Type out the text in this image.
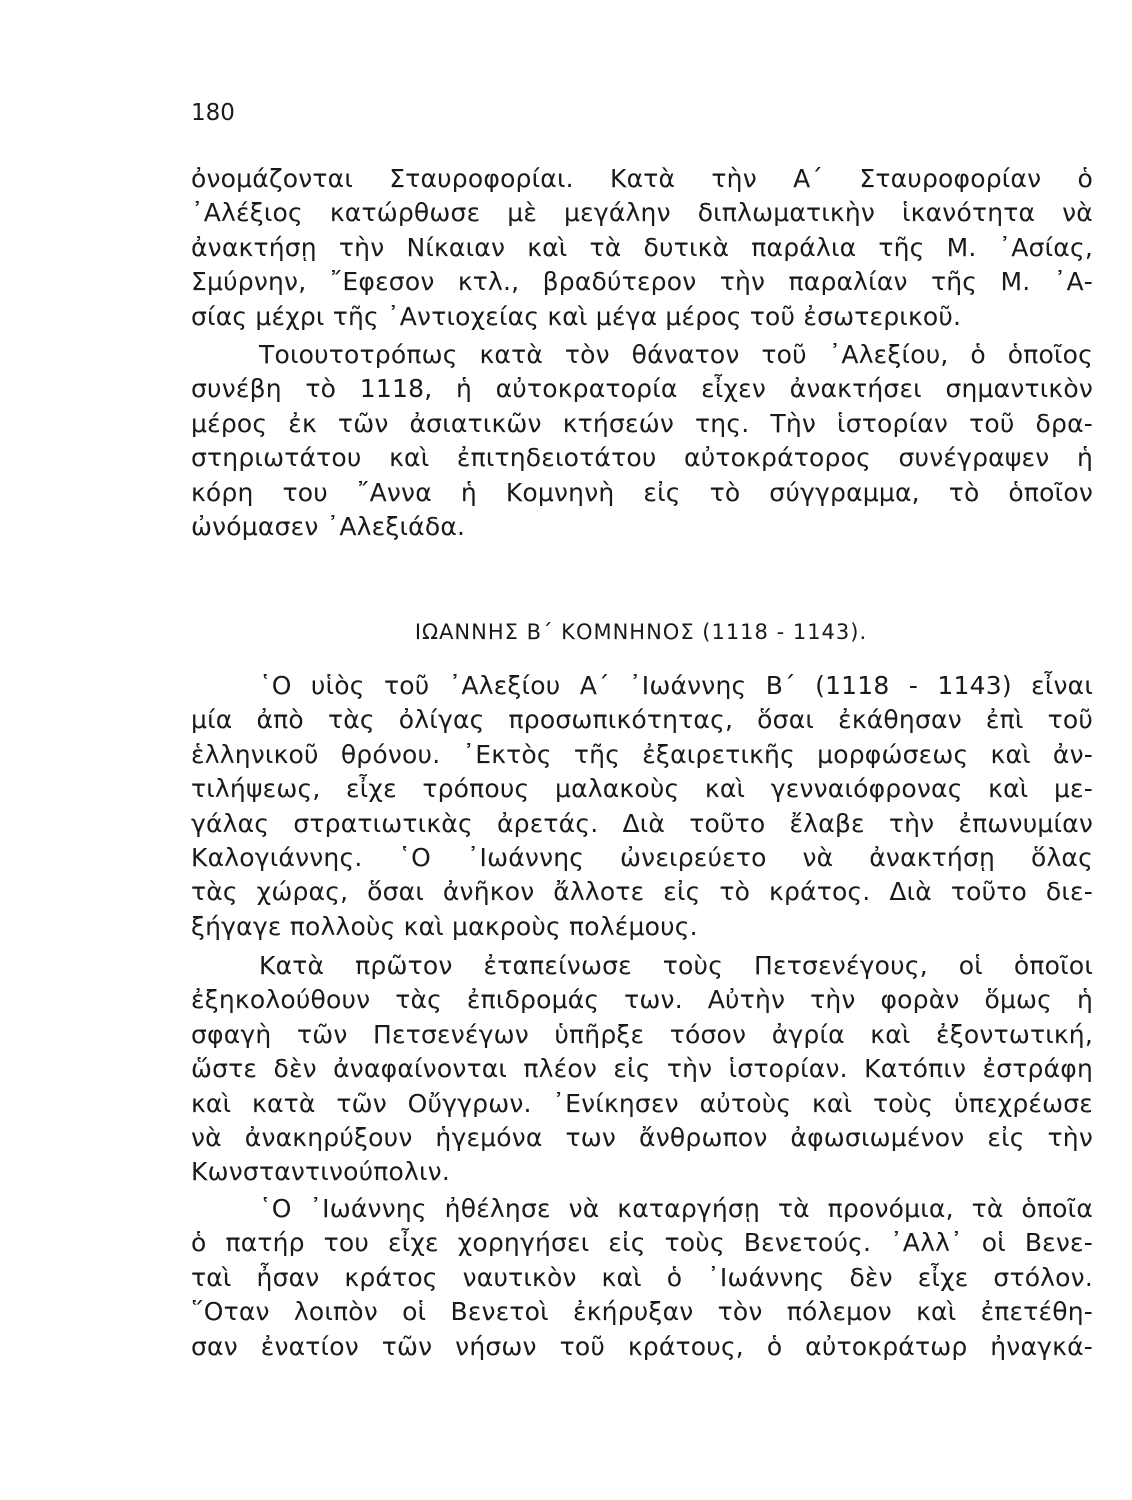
180
ὀνομάζονται Σταυροφορίαι. Κατὰ τὴν Α΄ Σταυροφορίαν ὁ
᾿Αλέξιος κατώρθωσε μὲ μεγάλην διπλωματικὴν ἱκανότητα νὰ
ἀνακτήσῃ τὴν Νίκαιαν καὶ τὰ δυτικὰ παράλια τῆς Μ. ᾿Ασίας,
Σμύρνην, ῎Εφεσον κτλ., βραδύτερον τὴν παραλίαν τῆς Μ. ᾿Α-
σίας μέχρι τῆς ᾿Αντιοχείας καὶ μέγα μέρος τοῦ ἐσωτερικοῦ.
Τοιουτοτρόπως κατὰ τὸν θάνατον τοῦ ᾿Αλεξίου, ὁ ὁποῖος
συνέβη τὸ 1118, ἡ αὐτοκρατορία εἶχεν ἀνακτήσει σημαντικὸν
μέρος ἐκ τῶν ἀσιατικῶν κτήσεών της. Τὴν ἱστορίαν τοῦ δρα-
στηριωτάτου καὶ ἐπιτηδειοτάτου αὐτοκράτορος συνέγραψεν ἡ
κόρη του ῎Αννα ἡ Κομνηνὴ εἰς τὸ σύγγραμμα, τὸ ὁποῖον
ὠνόμασεν ᾿Αλεξιάδα.
ΙΩΑΝΝΗΣ Β΄ ΚΟΜΝΗΝΟΣ (1118 - 1143).
῾Ο υἱὸς τοῦ ᾿Αλεξίου Α΄ ᾿Ιωάννης Β΄ (1118 - 1143) εἶναι
μία ἀπὸ τὰς ὀλίγας προσωπικότητας, ὅσαι ἐκάθησαν ἐπὶ τοῦ
ἑλληνικοῦ θρόνου. ᾿Εκτὸς τῆς ἐξαιρετικῆς μορφώσεως καὶ ἀν-
τιλήψεως, εἶχε τρόπους μαλακοὺς καὶ γενναιόφρονας καὶ με-
γάλας στρατιωτικὰς ἀρετάς. Διὰ τοῦτο ἔλαβε τὴν ἐπωνυμίαν
Καλογιάννης. ῾Ο ᾿Ιωάννης ὠνειρεύετο νὰ ἀνακτήσῃ ὅλας
τὰς χώρας, ὅσαι ἀνῆκον ἄλλοτε εἰς τὸ κράτος. Διὰ τοῦτο διε-
ξήγαγε πολλοὺς καὶ μακροὺς πολέμους.
Κατὰ πρῶτον ἐταπείνωσε τοὺς Πετσενέγους, οἱ ὁποῖοι
ἐξηκολούθουν τὰς ἐπιδρομάς των. Αὐτὴν τὴν φορὰν ὅμως ἡ
σφαγὴ τῶν Πετσενέγων ὑπῆρξε τόσον ἀγρία καὶ ἐξοντωτική,
ὥστε δὲν ἀναφαίνονται πλέον εἰς τὴν ἱστορίαν. Κατόπιν ἐστράφη
καὶ κατὰ τῶν Οὔγγρων. ᾿Ενίκησεν αὐτοὺς καὶ τοὺς ὑπεχρέωσε
νὰ ἀνακηρύξουν ἡγεμόνα των ἄνθρωπον ἀφωσιωμένον εἰς τὴν
Κωνσταντινούπολιν.
῾Ο ᾿Ιωάννης ἠθέλησε νὰ καταργήσῃ τὰ προνόμια, τὰ ὁποῖα
ὁ πατήρ του εἶχε χορηγήσει εἰς τοὺς Βενετούς. ᾿Αλλ᾿ οἱ Βενε-
ταὶ ἦσαν κράτος ναυτικὸν καὶ ὁ ᾿Ιωάννης δὲν εἶχε στόλον.
῞Οταν λοιπὸν οἱ Βενετοὶ ἐκήρυξαν τὸν πόλεμον καὶ ἐπετέθη-
σαν ἐνατίον τῶν νήσων τοῦ κράτους, ὁ αὐτοκράτωρ ἠναγκά-
